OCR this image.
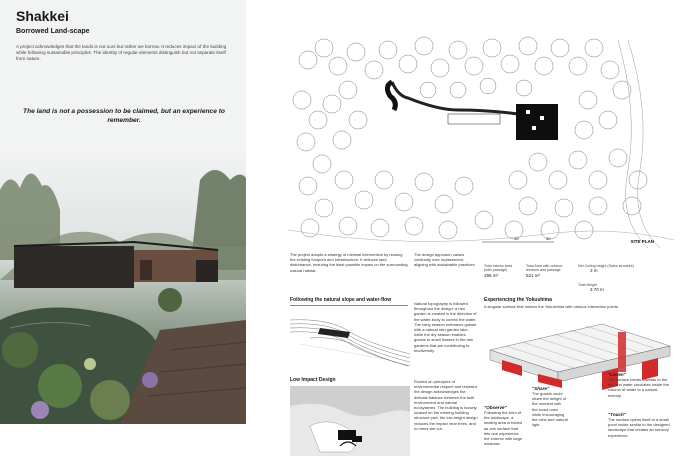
Shakkei
Borrowed Land-scape
A project acknowledges that the lands is not ours but rather we borrow. It reduces impact of the building while following sustainable principles. The identity of regular elements distinguish but not separate itself from nature.
The land is not a possession to be claimed, but an experience to remember.
10	50
SITE PLAN
The project adopts a strategy of minimal intervention by reusing the existing footprint and infrastructure. It reduces land disturbance, ensuring the least possible impact on the surrounding natural habitat.
The design approach values continuity over replacement, aligning with sustainable practices.	Total Interior Area (with passage)
296 m²
Total Area with outdoor terraces and passage
521 m²
Net Ceiling height (Salon structure)
3 m
Total Height
3.70 m
Following the natural slope and water-flow
Natural topography is followed throughout the design: a rain garden is created in the direction of the water-body to control the water. The rainy season embraces guests with a natural rain garden lake, while the dry season enables guests to smell flowers in the rain gardens that are contributing to biodiversity.
Low Impact Design	Rooted on principles of environmental respect and restraint, the design acknowledges the delicate balance between the built environment and natural ecosystems. The building is loosely located on the existing building structure part, the low-height design reduces the impact near trees, and no trees are cut.
Experiencing the Yokushima
A singular surface that mimics the Yokushima with various interaction points.
"Observe"
Following the form of the landscape, a seating area is folded as one surface that lets one experience the exterior with large windows.
"Share"
The guests could share the delight of the moment with the loved ones while encouraging the view and natural light.
"Listen"
The surface bends towards to the sky and water circulates inside the column of water to a natural melody.
"Touch"
The surface opens itself to a small pond inside similar to the designed landscape that creates an sensory experience.
